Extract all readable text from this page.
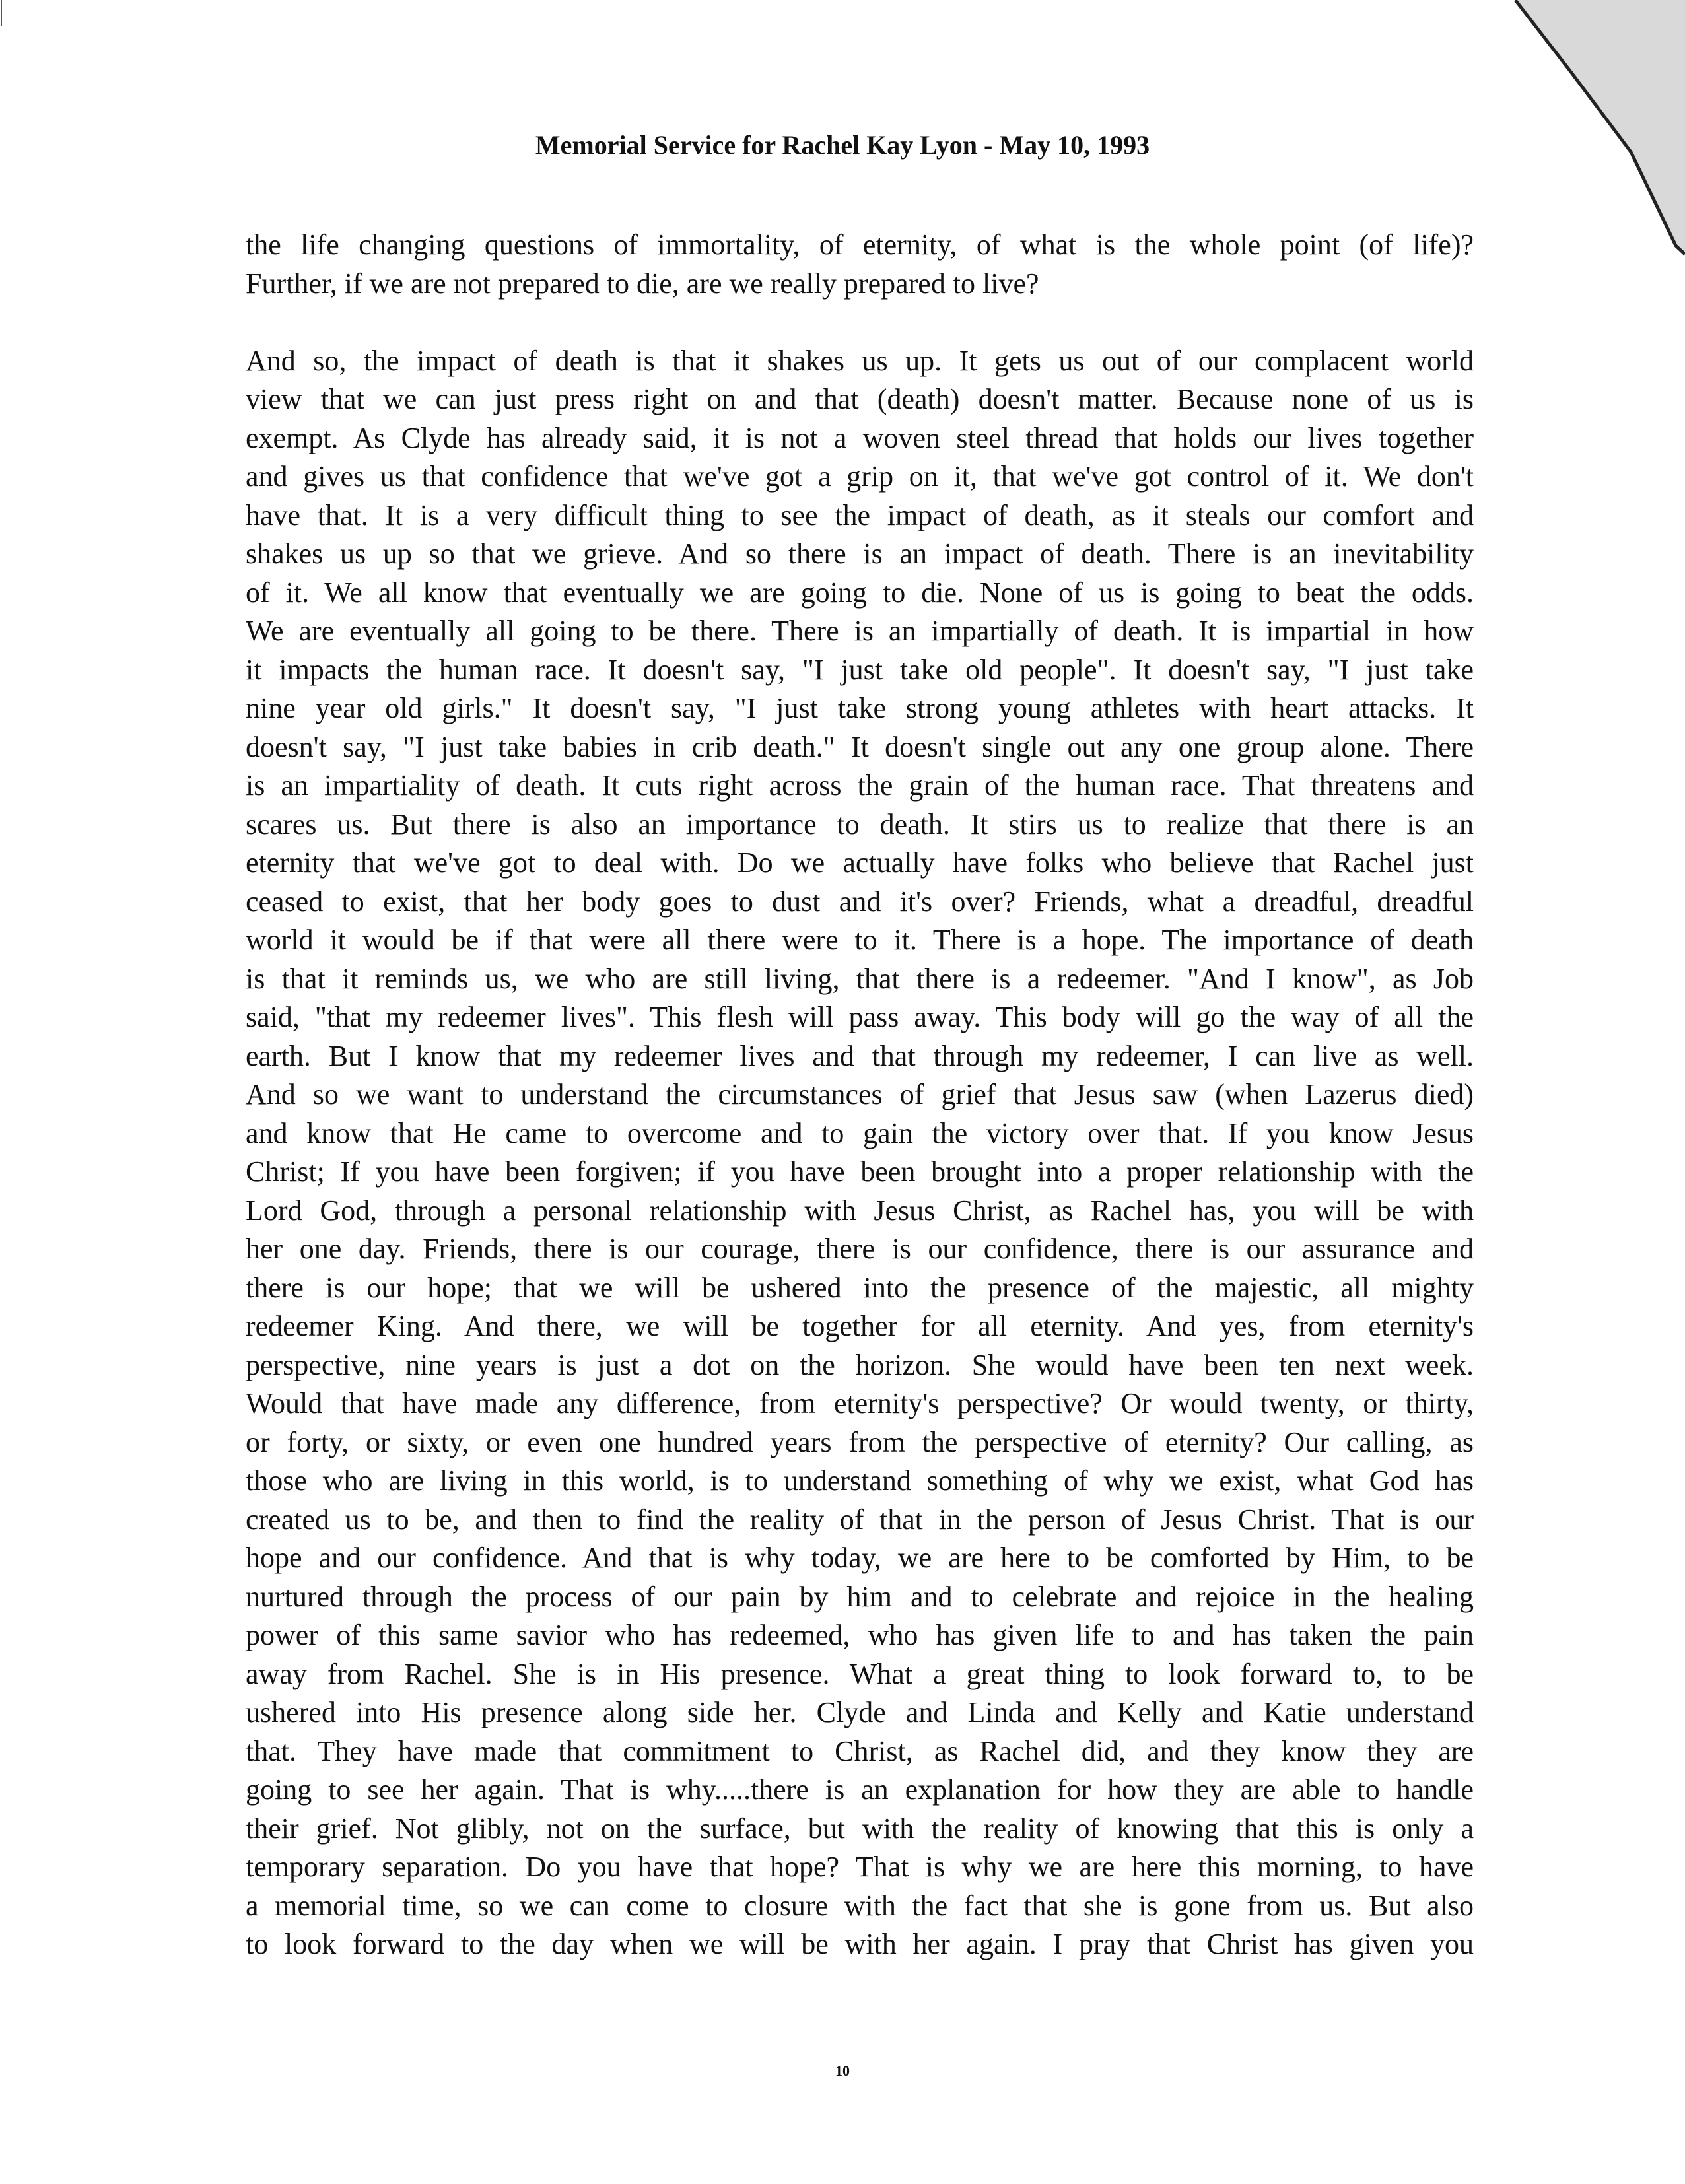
Memorial Service for Rachel Kay Lyon - May 10, 1993
the life changing questions of immortality, of eternity, of what is the whole point (of life)?
Further, if we are not prepared to die, are we really prepared to live?
And so, the impact of death is that it shakes us up. It gets us out of our complacent world
view that we can just press right on and that (death) doesn't matter. Because none of us is
exempt. As Clyde has already said, it is not a woven steel thread that holds our lives together
and gives us that confidence that we've got a grip on it, that we've got control of it. We don't
have that. It is a very difficult thing to see the impact of death, as it steals our comfort and
shakes us up so that we grieve. And so there is an impact of death. There is an inevitability
of it. We all know that eventually we are going to die. None of us is going to beat the odds.
We are eventually all going to be there. There is an impartially of death. It is impartial in how
it impacts the human race. It doesn't say, "I just take old people". It doesn't say, "I just take
nine year old girls." It doesn't say, "I just take strong young athletes with heart attacks. It
doesn't say, "I just take babies in crib death." It doesn't single out any one group alone. There
is an impartiality of death. It cuts right across the grain of the human race. That threatens and
scares us. But there is also an importance to death. It stirs us to realize that there is an
eternity that we've got to deal with. Do we actually have folks who believe that Rachel just
ceased to exist, that her body goes to dust and it's over? Friends, what a dreadful, dreadful
world it would be if that were all there were to it. There is a hope. The importance of death
is that it reminds us, we who are still living, that there is a redeemer. "And I know", as Job
said, "that my redeemer lives". This flesh will pass away. This body will go the way of all the
earth. But I know that my redeemer lives and that through my redeemer, I can live as well.
And so we want to understand the circumstances of grief that Jesus saw (when Lazerus died)
and know that He came to overcome and to gain the victory over that. If you know Jesus
Christ; If you have been forgiven; if you have been brought into a proper relationship with the
Lord God, through a personal relationship with Jesus Christ, as Rachel has, you will be with
her one day. Friends, there is our courage, there is our confidence, there is our assurance and
there is our hope; that we will be ushered into the presence of the majestic, all mighty
redeemer King. And there, we will be together for all eternity. And yes, from eternity's
perspective, nine years is just a dot on the horizon. She would have been ten next week.
Would that have made any difference, from eternity's perspective? Or would twenty, or thirty,
or forty, or sixty, or even one hundred years from the perspective of eternity? Our calling, as
those who are living in this world, is to understand something of why we exist, what God has
created us to be, and then to find the reality of that in the person of Jesus Christ. That is our
hope and our confidence. And that is why today, we are here to be comforted by Him, to be
nurtured through the process of our pain by him and to celebrate and rejoice in the healing
power of this same savior who has redeemed, who has given life to and has taken the pain
away from Rachel. She is in His presence. What a great thing to look forward to, to be
ushered into His presence along side her. Clyde and Linda and Kelly and Katie understand
that. They have made that commitment to Christ, as Rachel did, and they know they are
going to see her again. That is why.....there is an explanation for how they are able to handle
their grief. Not glibly, not on the surface, but with the reality of knowing that this is only a
temporary separation. Do you have that hope? That is why we are here this morning, to have
a memorial time, so we can come to closure with the fact that she is gone from us. But also
to look forward to the day when we will be with her again. I pray that Christ has given you
10
